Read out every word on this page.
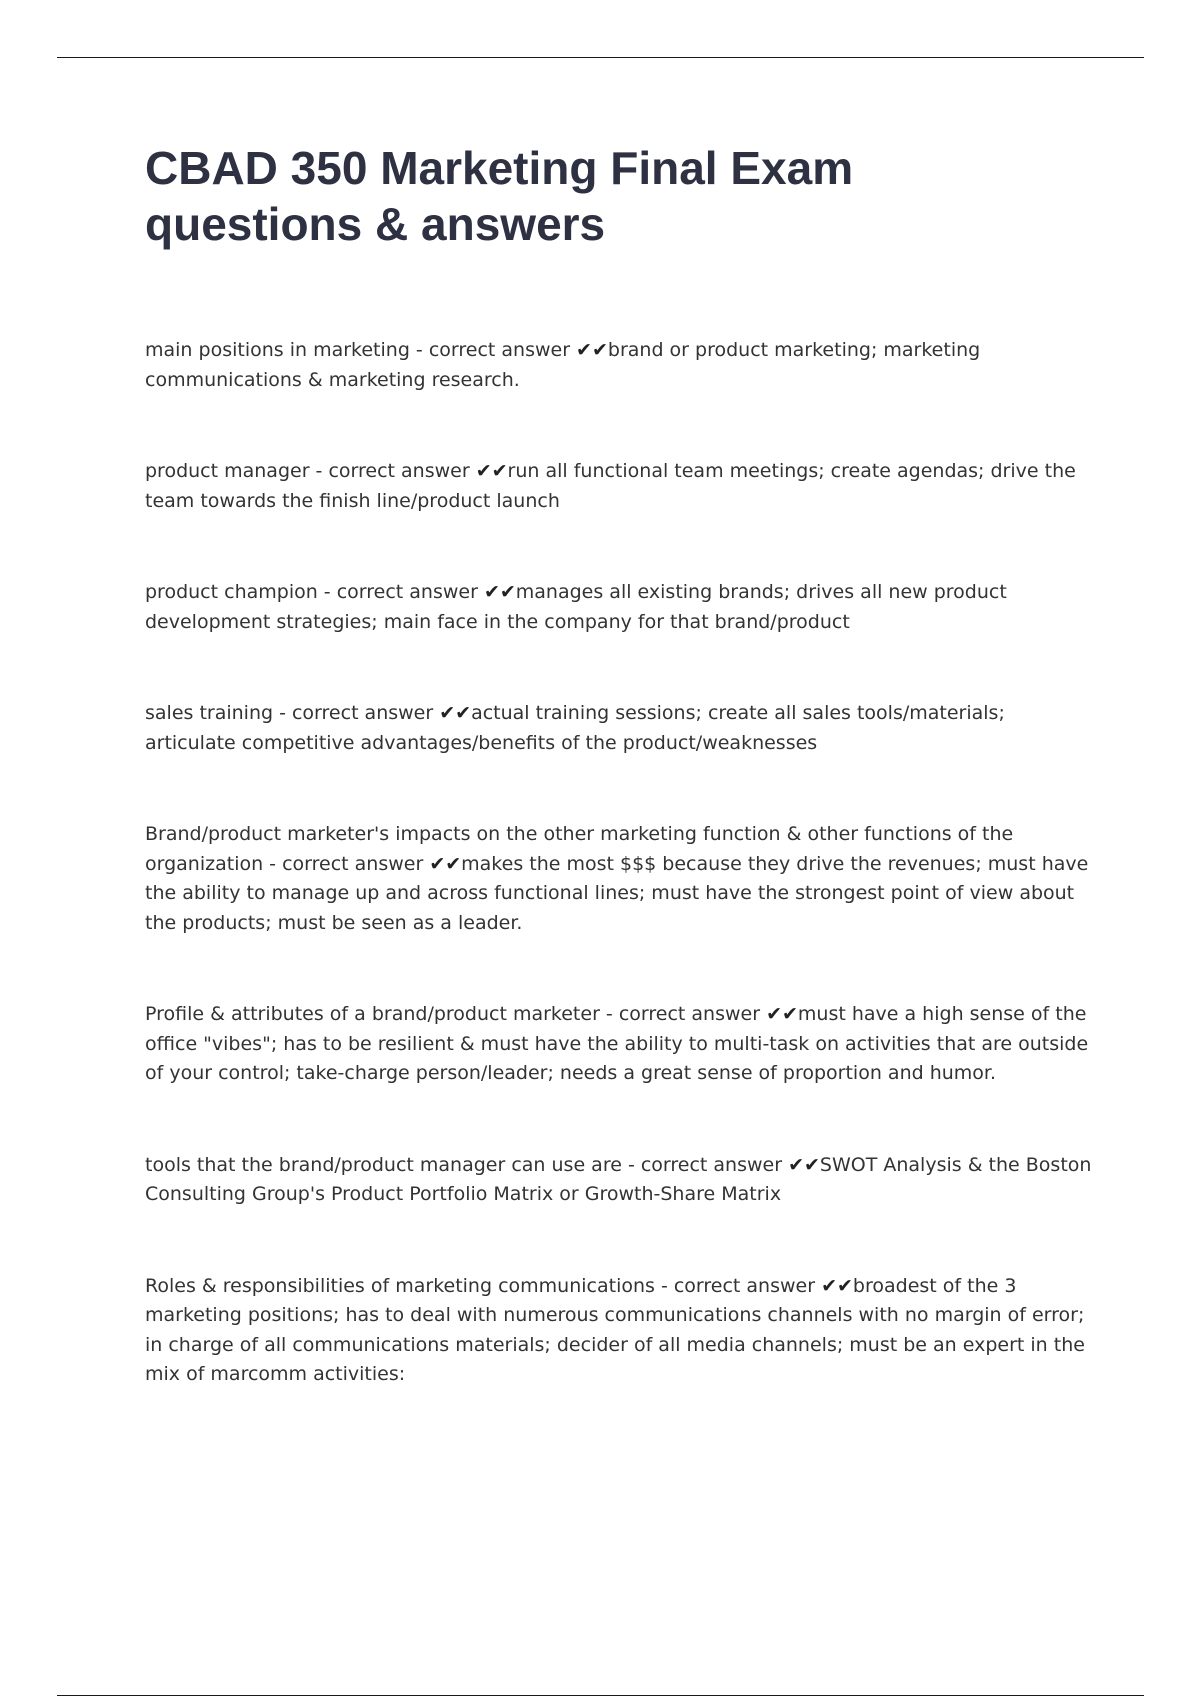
CBAD 350 Marketing Final Exam questions & answers

main positions in marketing - correct answer ✔✔brand or product marketing; marketing communications & marketing research.

product manager - correct answer ✔✔run all functional team meetings; create agendas; drive the team towards the finish line/product launch

product champion - correct answer ✔✔manages all existing brands; drives all new product development strategies; main face in the company for that brand/product

sales training - correct answer ✔✔actual training sessions; create all sales tools/materials; articulate competitive advantages/benefits of the product/weaknesses

Brand/product marketer's impacts on the other marketing function & other functions of the organization - correct answer ✔✔makes the most $$$ because they drive the revenues; must have the ability to manage up and across functional lines; must have the strongest point of view about the products; must be seen as a leader.

Profile & attributes of a brand/product marketer - correct answer ✔✔must have a high sense of the office "vibes"; has to be resilient & must have the ability to multi-task on activities that are outside of your control; take-charge person/leader; needs a great sense of proportion and humor.

tools that the brand/product manager can use are - correct answer ✔✔SWOT Analysis & the Boston Consulting Group's Product Portfolio Matrix or Growth-Share Matrix

Roles & responsibilities of marketing communications - correct answer ✔✔broadest of the 3 marketing positions; has to deal with numerous communications channels with no margin of error; in charge of all communications materials; decider of all media channels; must be an expert in the mix of marcomm activities:
